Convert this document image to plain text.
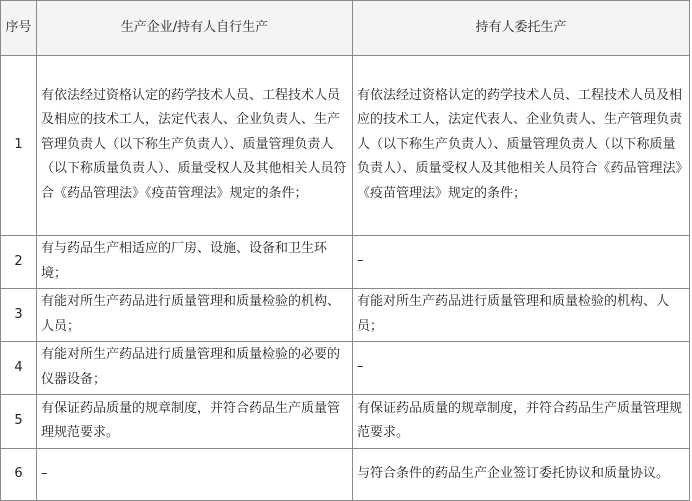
序号	生产企业/持有人自行生产	持有人委托生产
1	有依法经过资格认定的药学技术人员、工程技术人员及相应的技术工人，法定代表人、企业负责人、生产管理负责人（以下称生产负责人）、质量管理负责人（以下称质量负责人）、质量受权人及其他相关人员符合《药品管理法》《疫苗管理法》规定的条件；	有依法经过资格认定的药学技术人员、工程技术人员及相应的技术工人，法定代表人、企业负责人、生产管理负责人（以下称生产负责人）、质量管理负责人（以下称质量负责人）、质量受权人及其他相关人员符合《药品管理法》《疫苗管理法》规定的条件；
2	有与药品生产相适应的厂房、设施、设备和卫生环境；	–
3	有能对所生产药品进行质量管理和质量检验的机构、人员；	有能对所生产药品进行质量管理和质量检验的机构、人员；
4	有能对所生产药品进行质量管理和质量检验的必要的仪器设备；	–
5	有保证药品质量的规章制度，并符合药品生产质量管理规范要求。	有保证药品质量的规章制度，并符合药品生产质量管理规范要求。
6	–	与符合条件的药品生产企业签订委托协议和质量协议。
